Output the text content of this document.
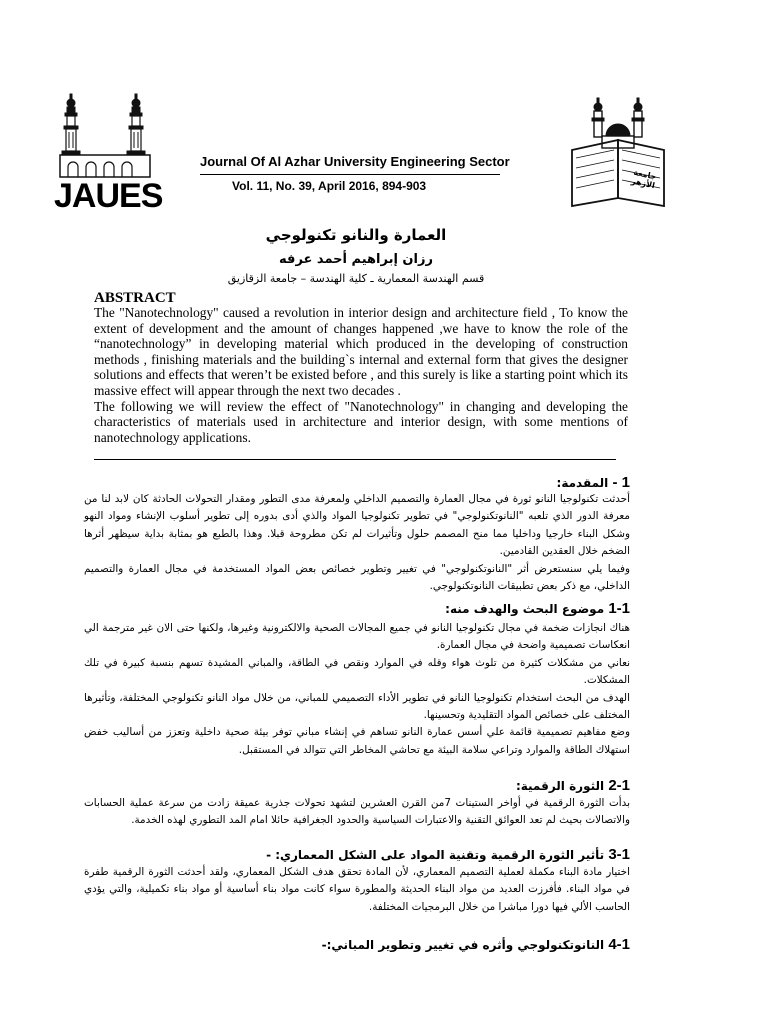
JAUES
Journal Of Al Azhar University Engineering Sector
Vol. 11, No. 39, April 2016, 894-903
جامعة الأزهر
العمارة والنانو تكنولوجي
رزان إبراهيم أحمد عرفه
قسم الهندسة المعمارية ـ كلية الهندسة – جامعة الزقازيق
ABSTRACT

The "Nanotechnology" caused a revolution in interior design and architecture field , To know the extent of development and the amount of changes happened ,we have to know the role of the “nanotechnology” in developing material which produced in the developing of construction methods , finishing materials and the building`s internal and external form that gives the designer solutions and effects that weren’t be existed before , and this surely is like a starting point which its massive effect will appear through the next two decades .

The following we will review the effect of "Nanotechnology" in changing and developing the characteristics of materials used in architecture and interior design, with some mentions of nanotechnology applications.

1 - المقدمة:

أحدثت تكنولوجيا النانو ثورة في مجال العمارة والتصميم الداخلي ولمعرفة مدى التطور ومقدار التحولات الحادثة كان لابد لنا من معرفة الدور الذي تلعبه "النانوتكنولوجي" في تطوير تكنولوجيا المواد والذي أدى بدوره إلى تطوير أسلوب الإنشاء ومواد النهو وشكل البناء خارجيا وداخليا مما منح المصمم حلول وتأثيرات لم تكن مطروحة قبلا. وهذا بالطبع هو بمثابة بداية سيظهر أثرها الضخم خلال العقدين القادمين.

وفيما يلي سنستعرض أثر "النانوتكنولوجي" في تغيير وتطوير خصائص بعض المواد المستخدمة في مجال العمارة والتصميم الداخلي، مع ذكر بعض تطبيقات النانوتكنولوجي.

1-1 موضوع البحث والهدف منه:

هناك انجازات ضخمة في مجال تكنولوجيا النانو في جميع المجالات الصحية والالكترونية وغيرها، ولكنها حتى الان غير مترجمة الي انعكاسات تصميمية واضحة في مجال العمارة.

نعاني من مشكلات كثيرة من تلوث هواء وقله في الموارد ونقص في الطاقة، والمباني المشيدة تسهم بنسبة كبيرة في تلك المشكلات.

الهدف من البحث استخدام تكنولوجيا النانو في تطوير الأداء التصميمي للمباني، من خلال مواد النانو تكنولوجي المختلفة، وتأثيرها المختلف على خصائص المواد التقليدية وتحسينها.

وضع مفاهيم تصميمية قائمة علي أسس عمارة النانو تساهم في إنشاء مباني توفر بيئة صحية داخلية وتعزز من أساليب خفض استهلاك الطاقة والموارد وتراعي سلامة البيئة مع تحاشي المخاطر التي تتوالد في المستقبل.

2-1 الثورة الرقمية:

بدأت الثورة الرقمية في أواخر الستينات 7من القرن العشرين لتشهد تحولات جذرية عميقة زادت من سرعة عملية الحسابات والاتصالات بحيث لم تعد العوائق التقنية والاعتبارات السياسية والحدود الجغرافية حائلا امام المد التطوري لهذه الخدمة.

3-1 تأثير الثورة الرقمية وتقنية المواد على الشكل المعماري: -

اختيار مادة البناء مكملة لعملية التصميم المعماري، لأن المادة تحقق هدف الشكل المعماري، ولقد أحدثت الثورة الرقمية طفرة في مواد البناء. فأفرزت العديد من مواد البناء الحديثة والمطورة سواء كانت مواد بناء أساسية أو مواد بناء تكميلية، والتي يؤدي الحاسب الألي فيها دورا مباشرا من خلال البرمجيات المختلفة.

4-1 النانوتكنولوجي وأثره في تغيير وتطوير المباني:-
